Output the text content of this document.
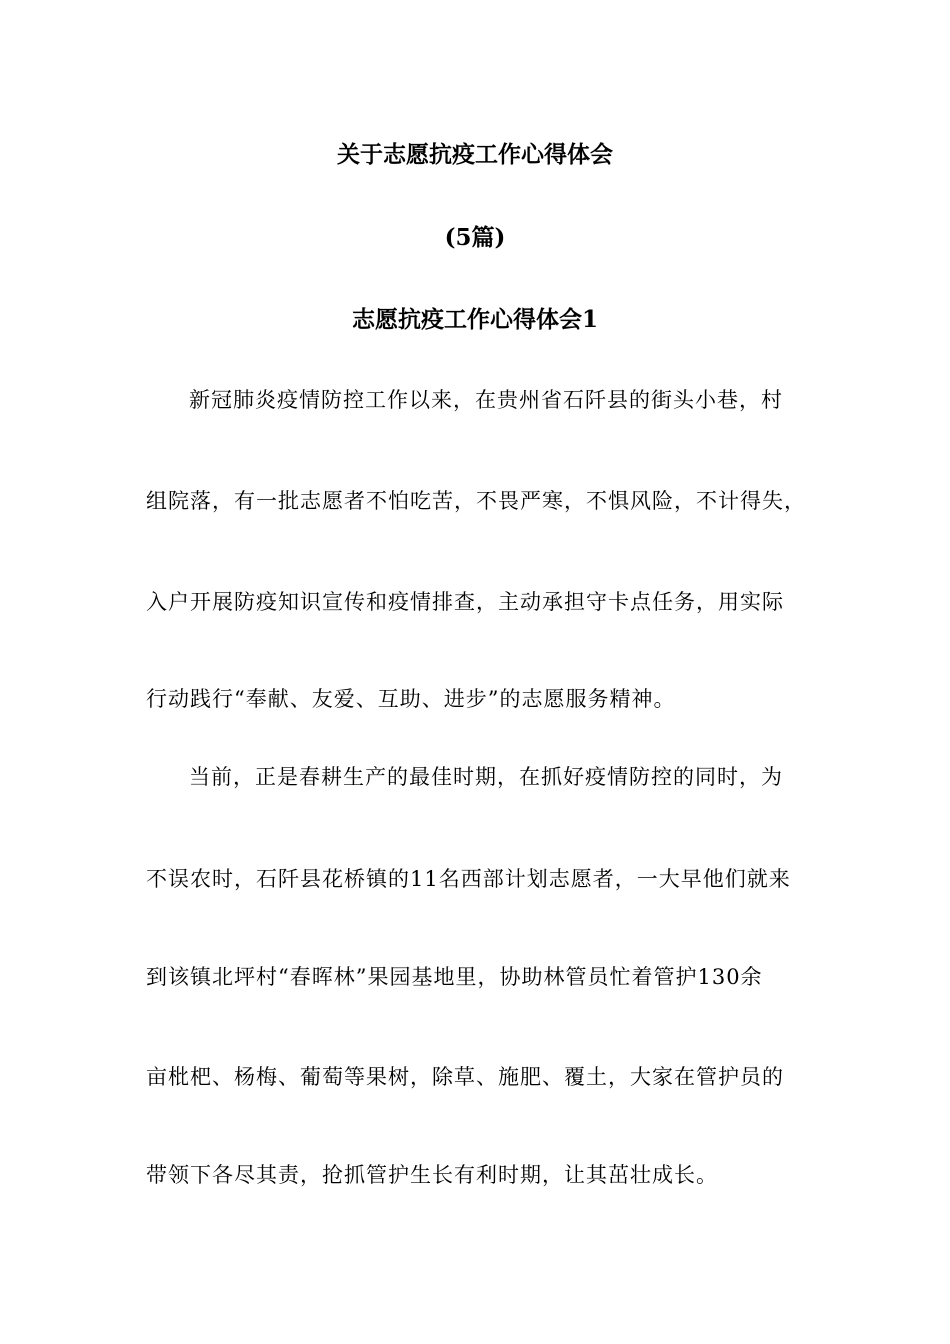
关于志愿抗疫工作心得体会
(5篇)
志愿抗疫工作心得体会1
新冠肺炎疫情防控工作以来，在贵州省石阡县的街头小巷，村
组院落，有一批志愿者不怕吃苦，不畏严寒，不惧风险，不计得失，
入户开展防疫知识宣传和疫情排查，主动承担守卡点任务，用实际
行动践行“奉献、友爱、互助、进步”的志愿服务精神。
当前，正是春耕生产的最佳时期，在抓好疫情防控的同时，为
不误农时，石阡县花桥镇的11名西部计划志愿者，一大早他们就来
到该镇北坪村“春晖林”果园基地里，协助林管员忙着管护130余
亩枇杷、杨梅、葡萄等果树，除草、施肥、覆土，大家在管护员的
带领下各尽其责，抢抓管护生长有利时期，让其茁壮成长。
